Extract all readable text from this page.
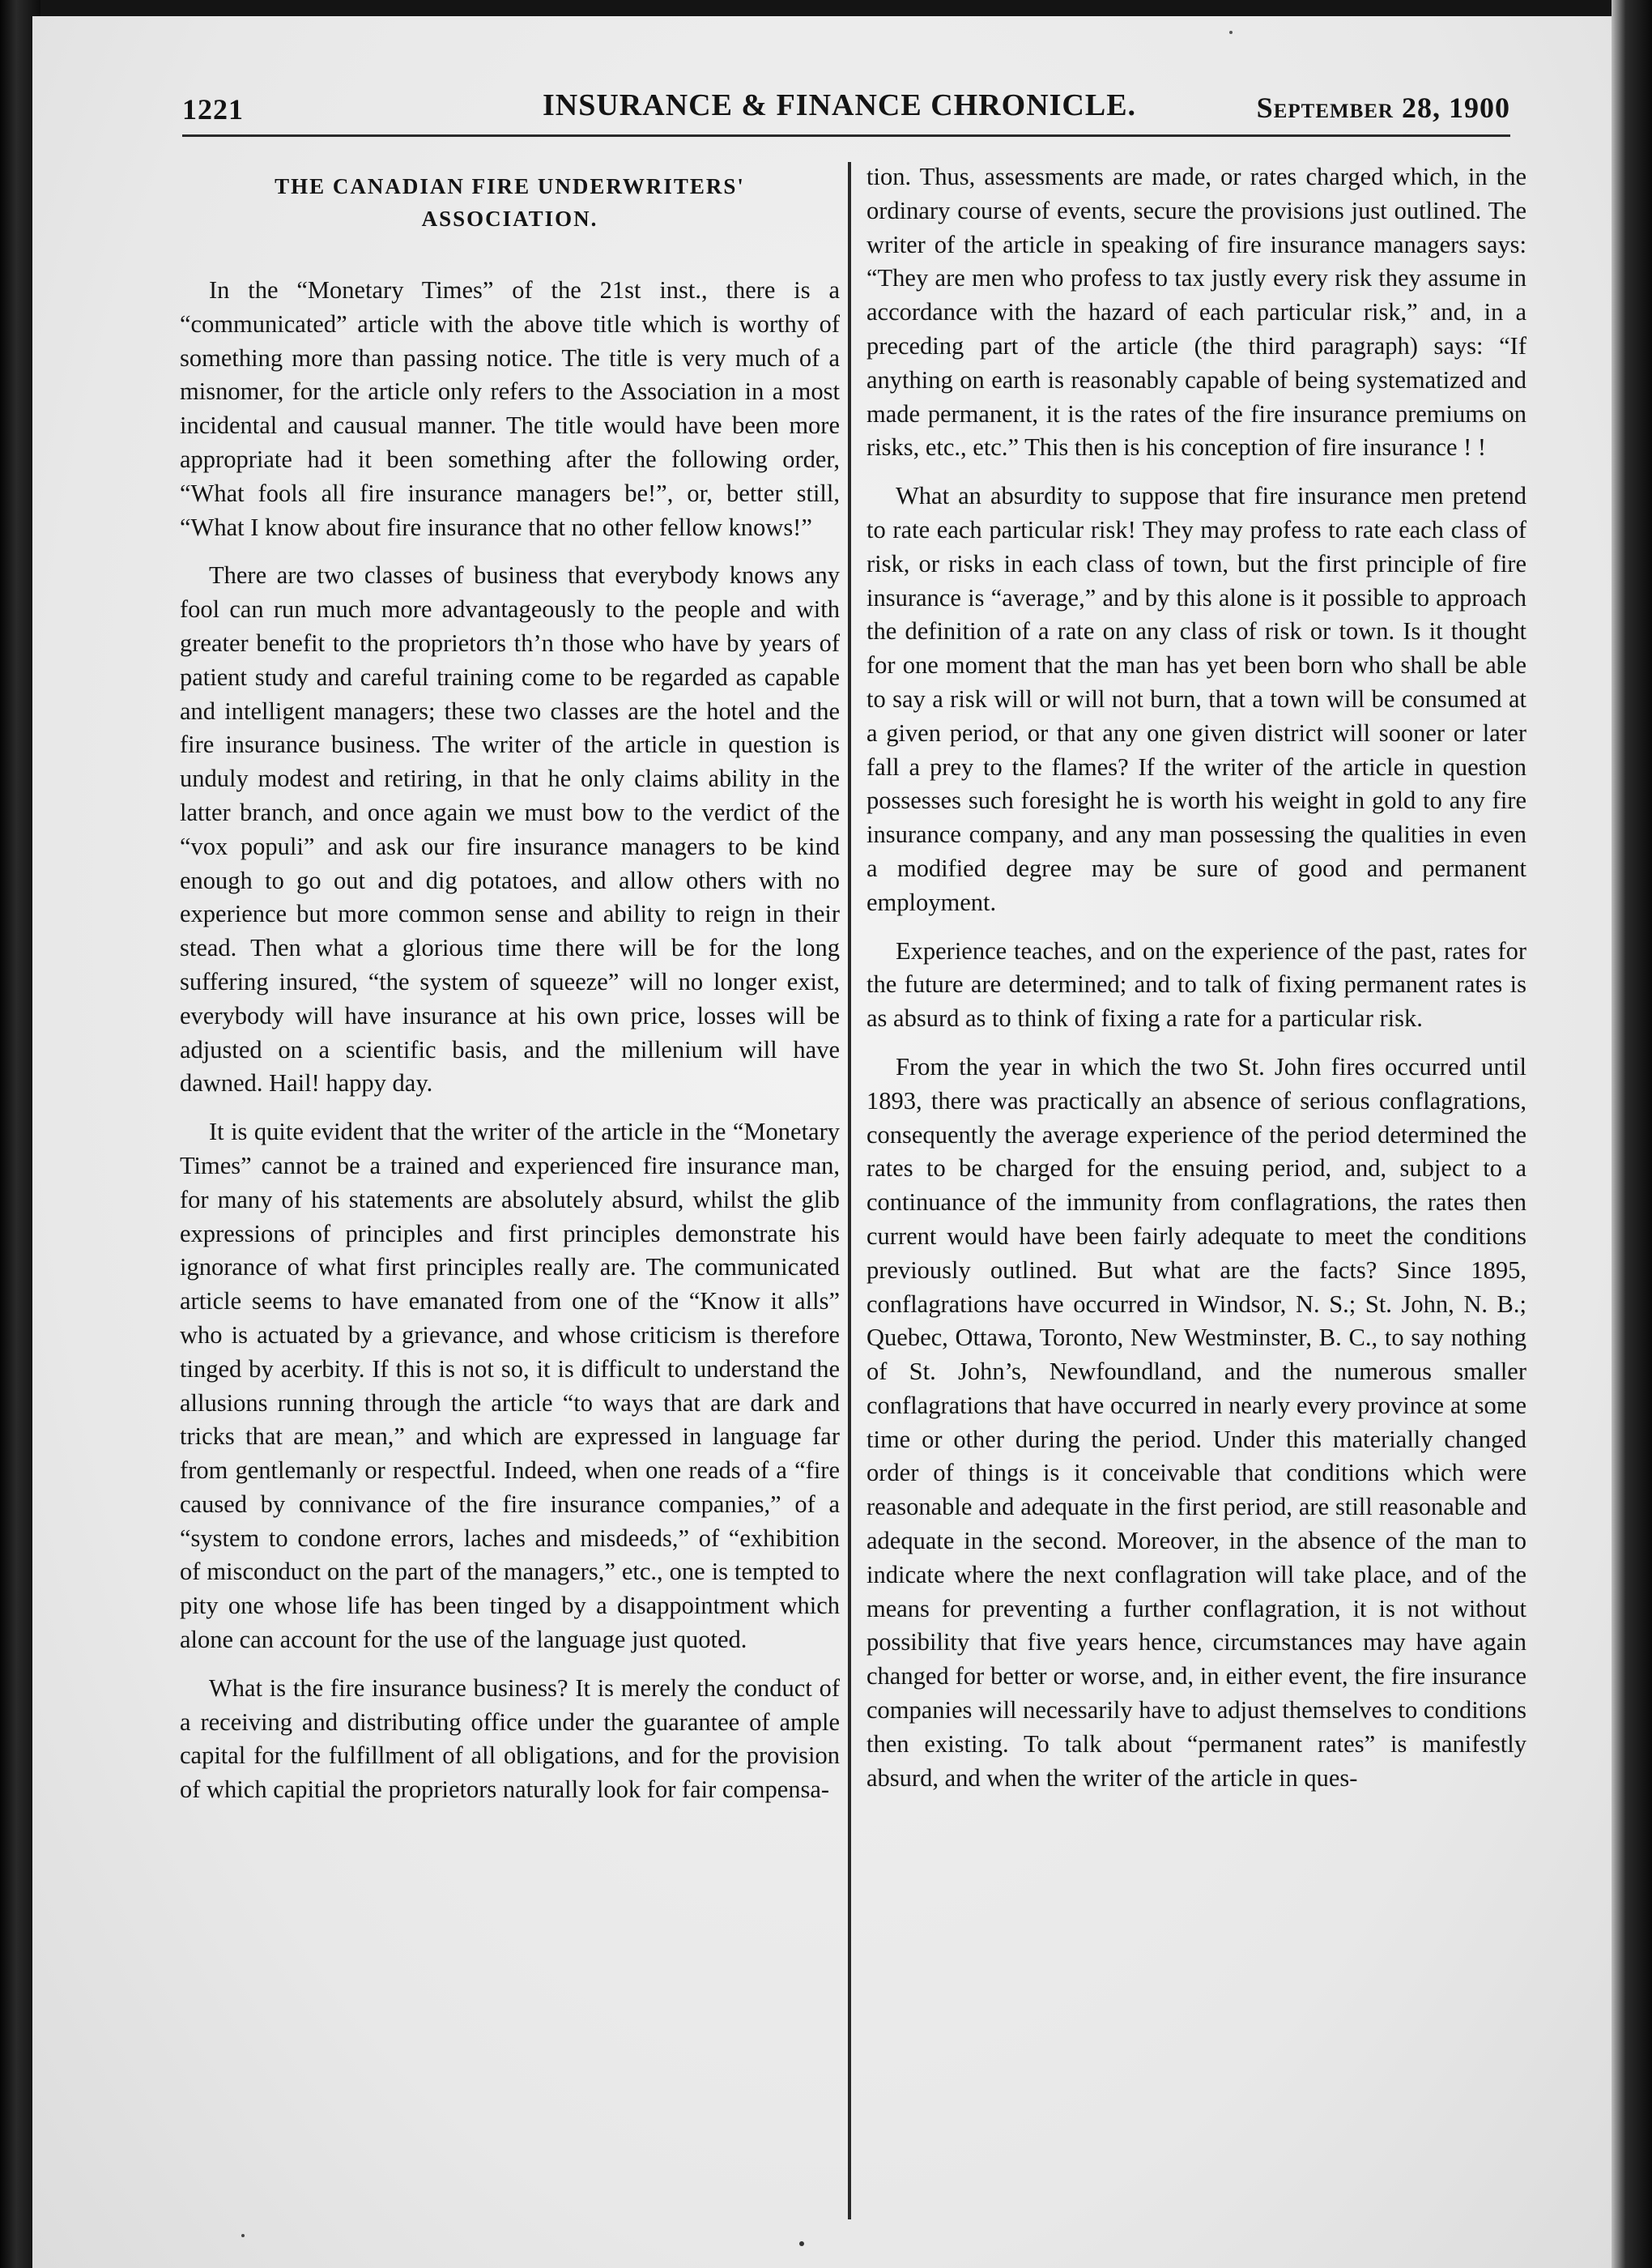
1221	INSURANCE & FINANCE CHRONICLE.	September 28, 1900
THE CANADIAN FIRE UNDERWRITERS'
ASSOCIATION.

In the “Monetary Times” of the 21st inst., there is a “communicated” article with the above title which is worthy of something more than passing notice. The title is very much of a misnomer, for the article only refers to the Association in a most incidental and causual manner. The title would have been more appropriate had it been something after the following order, “What fools all fire insurance managers be!”, or, better still, “What I know about fire insurance that no other fellow knows!”

There are two classes of business that everybody knows any fool can run much more advantageously to the people and with greater benefit to the proprietors th’n those who have by years of patient study and careful training come to be regarded as capable and intelligent managers; these two classes are the hotel and the fire insurance business. The writer of the article in question is unduly modest and retiring, in that he only claims ability in the latter branch, and once again we must bow to the verdict of the “vox populi” and ask our fire insurance managers to be kind enough to go out and dig potatoes, and allow others with no experience but more common sense and ability to reign in their stead. Then what a glorious time there will be for the long suffering insured, “the system of squeeze” will no longer exist, everybody will have insurance at his own price, losses will be adjusted on a scientific basis, and the millenium will have dawned. Hail! happy day.

It is quite evident that the writer of the article in the “Monetary Times” cannot be a trained and experienced fire insurance man, for many of his statements are absolutely absurd, whilst the glib expressions of principles and first principles demonstrate his ignorance of what first principles really are. The communicated article seems to have emanated from one of the “Know it alls” who is actuated by a grievance, and whose criticism is therefore tinged by acerbity. If this is not so, it is difficult to understand the allusions running through the article “to ways that are dark and tricks that are mean,” and which are expressed in language far from gentlemanly or respectful. Indeed, when one reads of a “fire caused by connivance of the fire insurance companies,” of a “system to condone errors, laches and misdeeds,” of “exhibition of misconduct on the part of the managers,” etc., one is tempted to pity one whose life has been tinged by a disappointment which alone can account for the use of the language just quoted.

What is the fire insurance business? It is merely the conduct of a receiving and distributing office under the guarantee of ample capital for the fulfillment of all obligations, and for the provision of which capitial the proprietors naturally look for fair compensa-

tion. Thus, assessments are made, or rates charged which, in the ordinary course of events, secure the provisions just outlined. The writer of the article in speaking of fire insurance managers says: “They are men who profess to tax justly every risk they assume in accordance with the hazard of each particular risk,” and, in a preceding part of the article (the third paragraph) says: “If anything on earth is reasonably capable of being systematized and made permanent, it is the rates of the fire insurance premiums on risks, etc., etc.” This then is his conception of fire insurance ! !

What an absurdity to suppose that fire insurance men pretend to rate each particular risk! They may profess to rate each class of risk, or risks in each class of town, but the first principle of fire insurance is “average,” and by this alone is it possible to approach the definition of a rate on any class of risk or town. Is it thought for one moment that the man has yet been born who shall be able to say a risk will or will not burn, that a town will be consumed at a given period, or that any one given district will sooner or later fall a prey to the flames? If the writer of the article in question possesses such foresight he is worth his weight in gold to any fire insurance company, and any man possessing the qualities in even a modified degree may be sure of good and permanent employment.

Experience teaches, and on the experience of the past, rates for the future are determined; and to talk of fixing permanent rates is as absurd as to think of fixing a rate for a particular risk.

From the year in which the two St. John fires occurred until 1893, there was practically an absence of serious conflagrations, consequently the average experience of the period determined the rates to be charged for the ensuing period, and, subject to a continuance of the immunity from conflagrations, the rates then current would have been fairly adequate to meet the conditions previously outlined. But what are the facts? Since 1895, conflagrations have occurred in Windsor, N. S.; St. John, N. B.; Quebec, Ottawa, Toronto, New Westminster, B. C., to say nothing of St. John’s, Newfoundland, and the numerous smaller conflagrations that have occurred in nearly every province at some time or other during the period. Under this materially changed order of things is it conceivable that conditions which were reasonable and adequate in the first period, are still reasonable and adequate in the second. Moreover, in the absence of the man to indicate where the next conflagration will take place, and of the means for preventing a further conflagration, it is not without possibility that five years hence, circumstances may have again changed for better or worse, and, in either event, the fire insurance companies will necessarily have to adjust themselves to conditions then existing. To talk about “permanent rates” is manifestly absurd, and when the writer of the article in ques-
